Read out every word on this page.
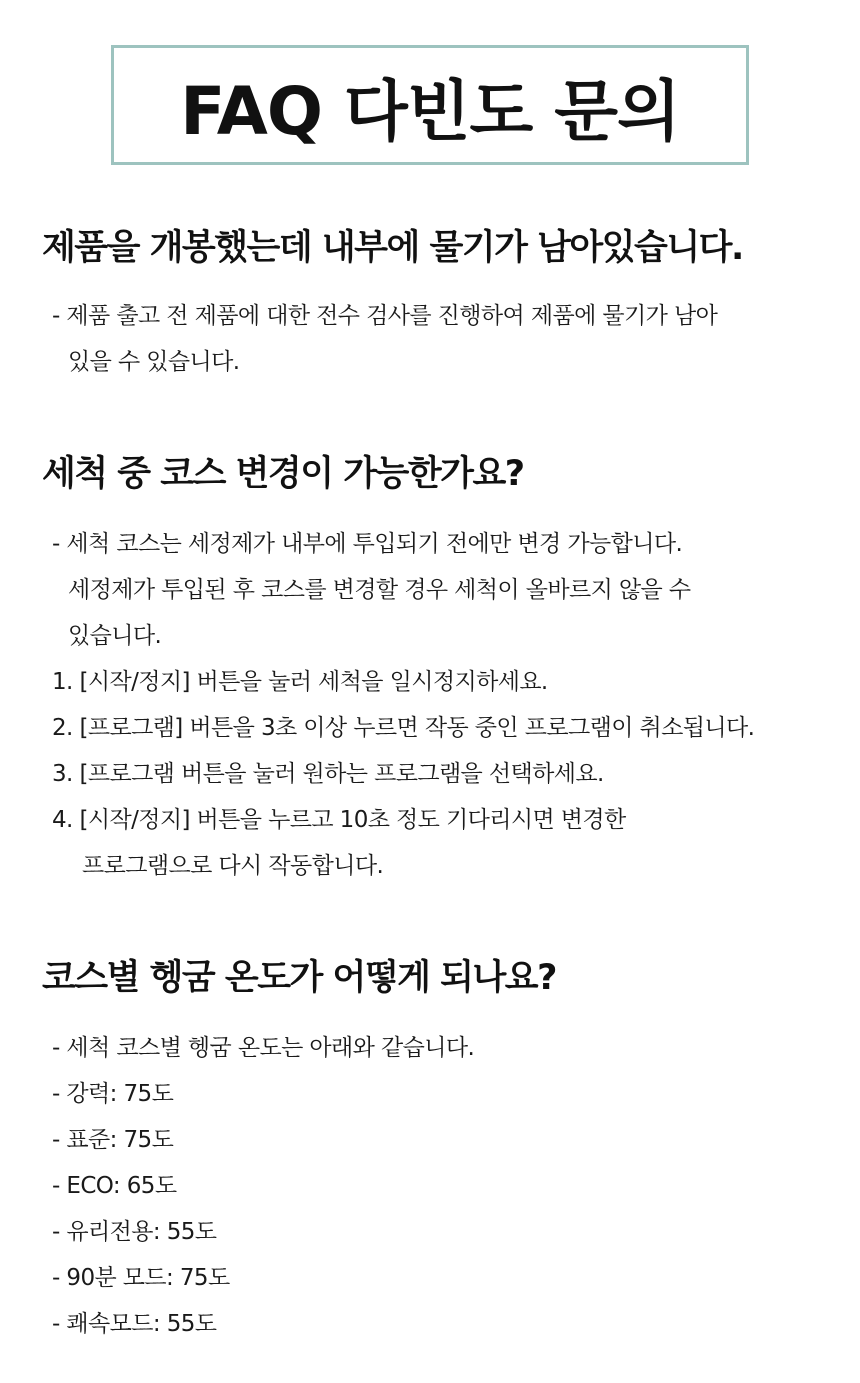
FAQ 다빈도 문의
제품을 개봉했는데 내부에 물기가 남아있습니다.

- 제품 출고 전 제품에 대한 전수 검사를 진행하여 제품에 물기가 남아

있을 수 있습니다.

세척 중 코스 변경이 가능한가요?

- 세척 코스는 세정제가 내부에 투입되기 전에만 변경 가능합니다.

세정제가 투입된 후 코스를 변경할 경우 세척이 올바르지 않을 수

있습니다.

1. [시작/정지] 버튼을 눌러 세척을 일시정지하세요.

2. [프로그램] 버튼을 3초 이상 누르면 작동 중인 프로그램이 취소됩니다.

3. [프로그램 버튼을 눌러 원하는 프로그램을 선택하세요.

4. [시작/정지] 버튼을 누르고 10초 정도 기다리시면 변경한

프로그램으로 다시 작동합니다.

코스별 헹굼 온도가 어떻게 되나요?

- 세척 코스별 헹굼 온도는 아래와 같습니다.

- 강력: 75도

- 표준: 75도

- ECO: 65도

- 유리전용: 55도

- 90분 모드: 75도

- 쾌속모드: 55도
